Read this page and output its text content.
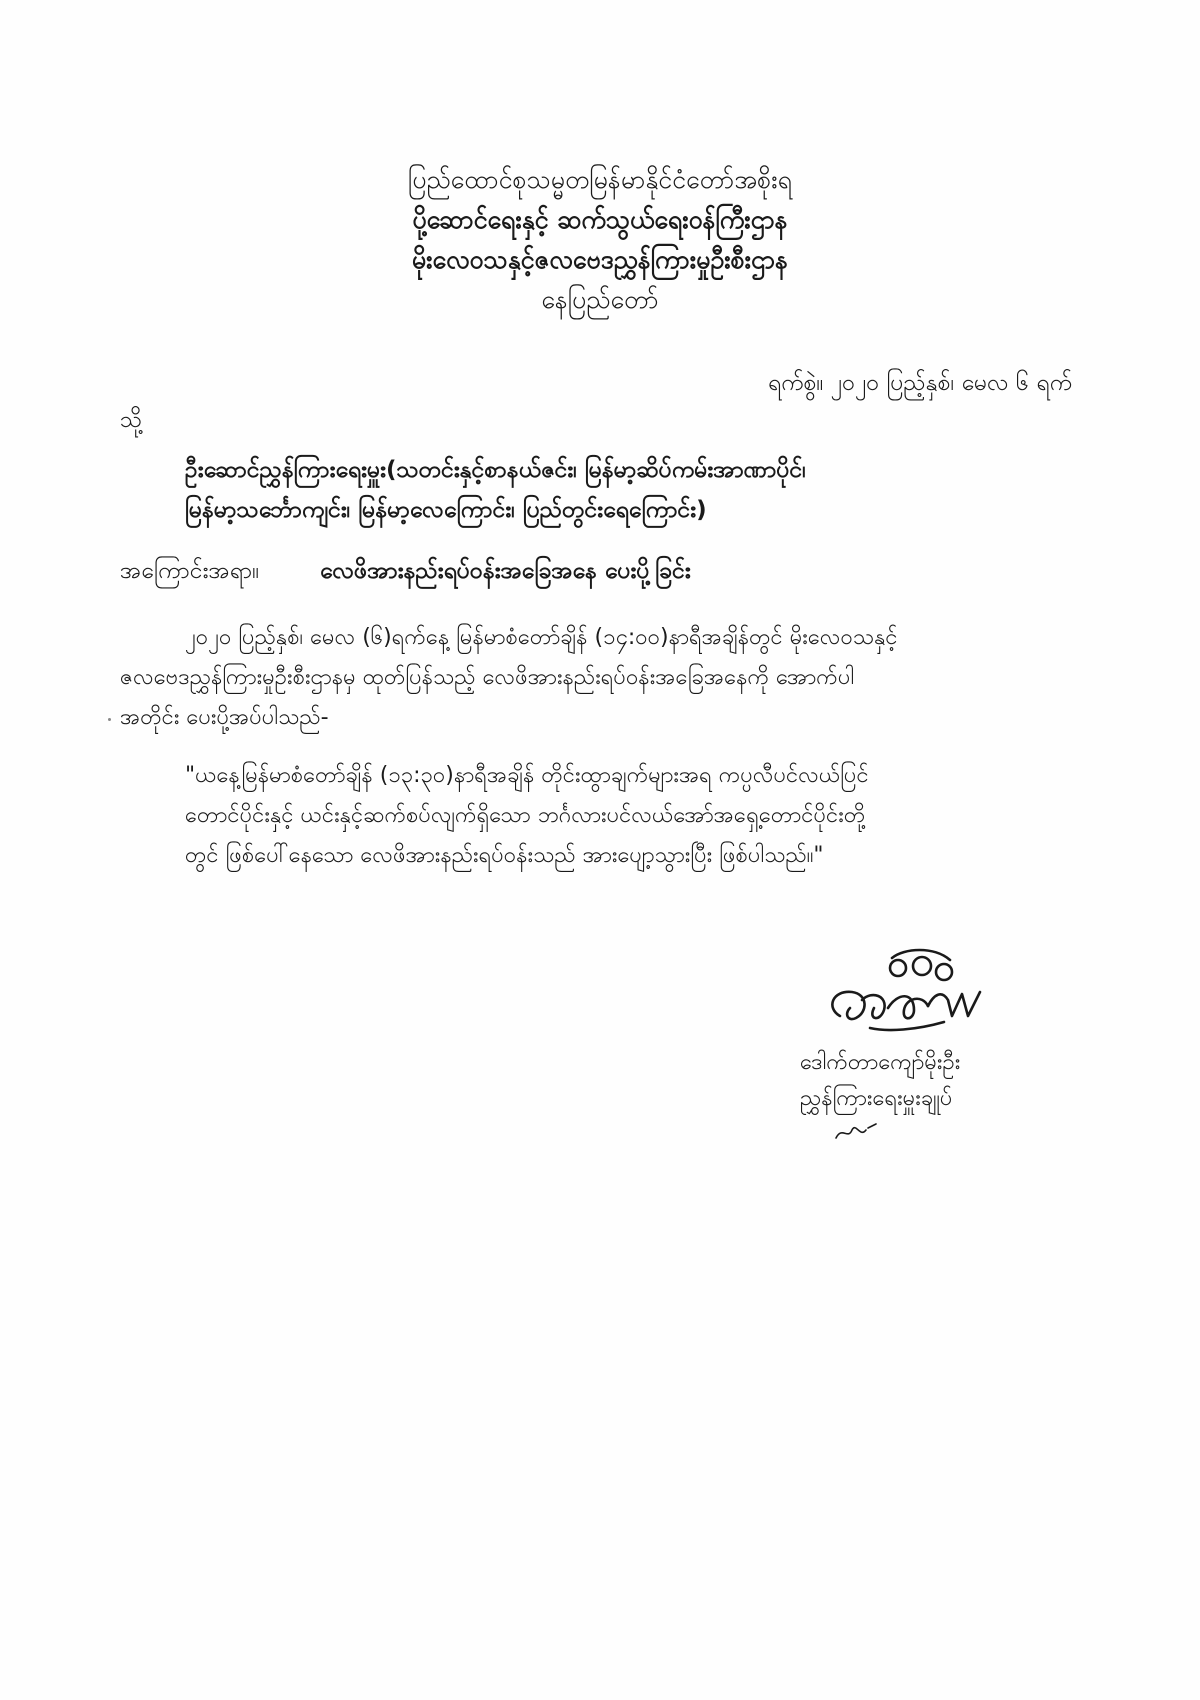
ပြည်ထောင်စုသမ္မတမြန်မာနိုင်ငံတော်အစိုးရ
ပို့ဆောင်ရေးနှင့် ဆက်သွယ်ရေးဝန်ကြီးဌာန
မိုးလေဝသနှင့်ဇလဗေဒညွှန်ကြားမှုဦးစီးဌာန
နေပြည်တော်
ရက်စွဲ။ ၂၀၂၀ ပြည့်နှစ်၊ မေလ ၆ ရက်
သို့
ဦးဆောင်ညွှန်ကြားရေးမှူး(သတင်းနှင့်စာနယ်ဇင်း၊ မြန်မာ့ဆိပ်ကမ်းအာဏာပိုင်၊
မြန်မာ့သင်္ဘောကျင်း၊ မြန်မာ့လေကြောင်း၊ ပြည်တွင်းရေကြောင်း)
အကြောင်းအရာ။	လေဖိအားနည်းရပ်ဝန်းအခြေအနေ ပေးပို့ခြင်း
၂၀၂၀ ပြည့်နှစ်၊ မေလ (၆)ရက်နေ့ မြန်မာစံတော်ချိန် (၁၄:၀၀)နာရီအချိန်တွင် မိုးလေဝသနှင့်
ဇလဗေဒညွှန်ကြားမှုဦးစီးဌာနမှ ထုတ်ပြန်သည့် လေဖိအားနည်းရပ်ဝန်းအခြေအနေကို အောက်ပါ
အတိုင်း ပေးပို့အပ်ပါသည်-
"ယနေ့မြန်မာစံတော်ချိန် (၁၃:၃၀)နာရီအချိန် တိုင်းထွာချက်များအရ ကပ္ပလီပင်လယ်ပြင်
တောင်ပိုင်းနှင့် ယင်းနှင့်ဆက်စပ်လျက်ရှိသော ဘင်္ဂလားပင်လယ်အော်အရှေ့တောင်ပိုင်းတို့
တွင် ဖြစ်ပေါ်နေသော လေဖိအားနည်းရပ်ဝန်းသည် အားပျော့သွားပြီး ဖြစ်ပါသည်။"
ဒေါက်တာကျော်မိုးဦး
ညွှန်ကြားရေးမှူးချုပ်
